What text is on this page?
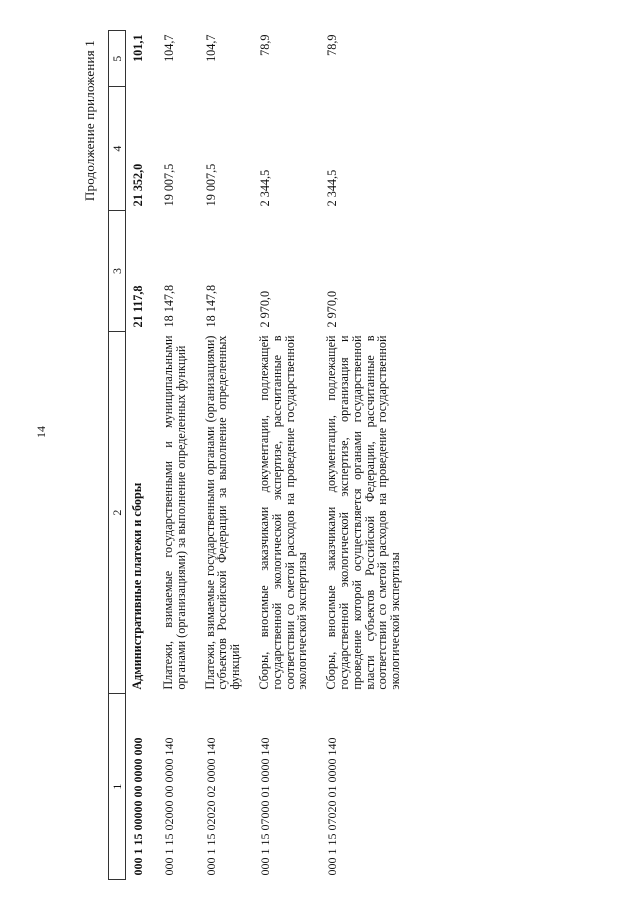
14
Продолжение приложения 1
1	2	3	4	5
000 1 15 00000 00 0000 000	Административные платежи и сборы	21 117,8	21 352,0	101,1
000 1 15 02000 00 0000 140	Платежи, взимаемые государственными и муниципальными органами (организациями) за выполнение определенных функций	18 147,8	19 007,5	104,7
000 1 15 02020 02 0000 140	Платежи, взимаемые государственными органами (организациями) субъектов Российской Федерации за выполнение определенных функций	18 147,8	19 007,5	104,7
000 1 15 07000 01 0000 140	Сборы, вносимые заказчиками документации, подлежащей государственной экологической экспертизе, рассчитанные в соответствии со сметой расходов на проведение государственной экологической экспертизы	2 970,0	2 344,5	78,9
000 1 15 07020 01 0000 140	Сборы, вносимые заказчиками документации, подлежащей государственной экологической экспертизе, организация и проведение которой осуществляется органами государственной власти субъектов Российской Федерации, рассчитанные в соответствии со сметой расходов на проведение государственной экологической экспертизы	2 970,0	2 344,5	78,9
